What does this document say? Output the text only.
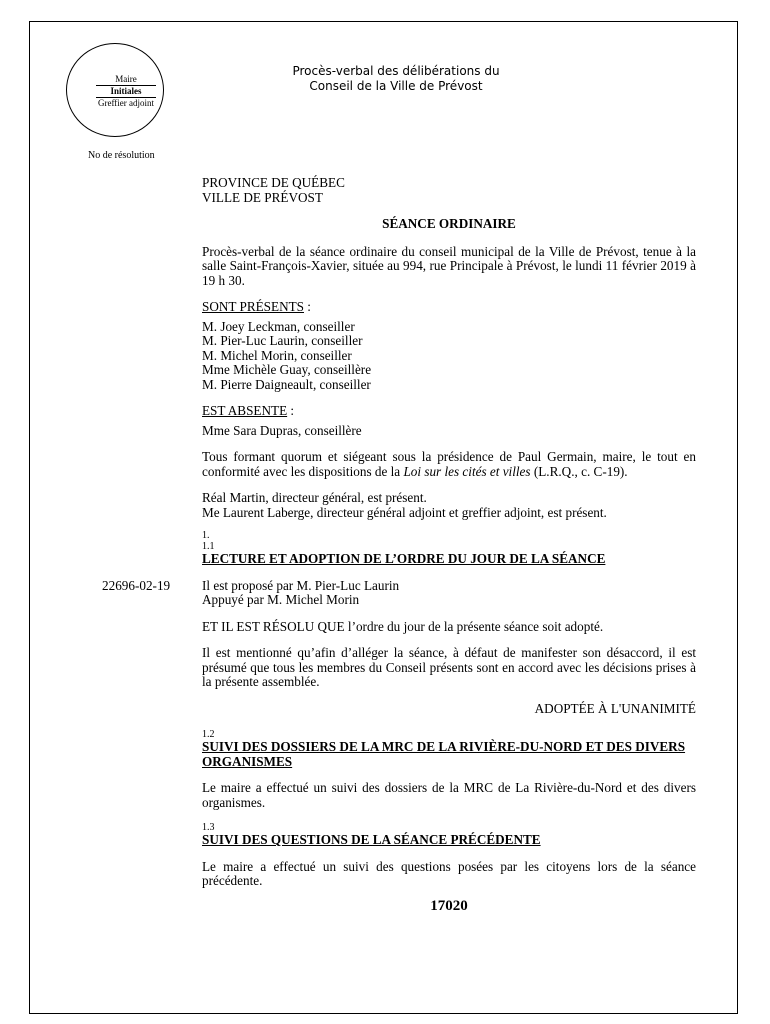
Maire
Initiales
Greffier adjoint
Procès-verbal des délibérations du
Conseil de la Ville de Prévost
No de résolution
22696-02-19

PROVINCE DE QUÉBEC

VILLE DE PRÉVOST

SÉANCE ORDINAIRE

Procès-verbal de la séance ordinaire du conseil municipal de la Ville de Prévost, tenue à la salle Saint-François-Xavier, située au 994, rue Principale à Prévost, le lundi 11 février 2019 à 19 h 30.

SONT PRÉSENTS :

M. Joey Leckman, conseiller

M. Pier-Luc Laurin, conseiller

M. Michel Morin, conseiller

Mme Michèle Guay, conseillère

M. Pierre Daigneault, conseiller

EST ABSENTE :

Mme Sara Dupras, conseillère

Tous formant quorum et siégeant sous la présidence de Paul Germain, maire, le tout en conformité avec les dispositions de la Loi sur les cités et villes (L.R.Q., c. C-19).

Réal Martin, directeur général, est présent.

Me Laurent Laberge, directeur général adjoint et greffier adjoint, est présent.

1.

1.1

LECTURE ET ADOPTION DE L’ORDRE DU JOUR DE LA SÉANCE

Il est proposé par M. Pier-Luc Laurin

Appuyé par M. Michel Morin

ET IL EST RÉSOLU QUE l’ordre du jour de la présente séance soit adopté.

Il est mentionné qu’afin d’alléger la séance, à défaut de manifester son désaccord, il est présumé que tous les membres du Conseil présents sont en accord avec les décisions prises à la présente assemblée.

ADOPTÉE À L'UNANIMITÉ

1.2

SUIVI DES DOSSIERS DE LA MRC DE LA RIVIÈRE-DU-NORD ET DES DIVERS ORGANISMES

Le maire a effectué un suivi des dossiers de la MRC de La Rivière-du-Nord et des divers organismes.

1.3

SUIVI DES QUESTIONS DE LA SÉANCE PRÉCÉDENTE

Le maire a effectué un suivi des questions posées par les citoyens lors de la séance précédente.

17020
